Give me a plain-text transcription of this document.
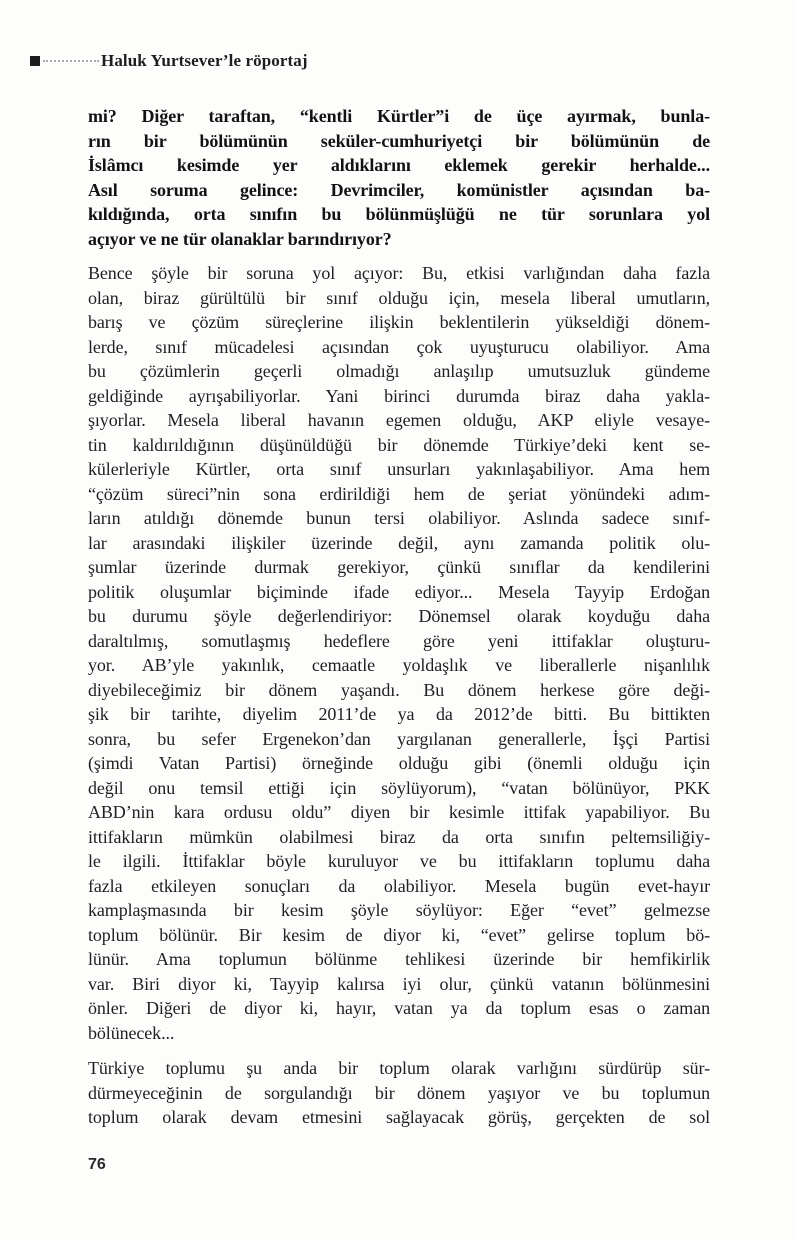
Haluk Yurtsever’le röportaj
mi? Diğer taraftan, “kentli Kürtler”i de üçe ayırmak, bunla-
rın bir bölümünün seküler-cumhuriyetçi bir bölümünün de
İslâmcı kesimde yer aldıklarını eklemek gerekir herhalde...
Asıl soruma gelince: Devrimciler, komünistler açısından ba-
kıldığında, orta sınıfın bu bölünmüşlüğü ne tür sorunlara yol
açıyor ve ne tür olanaklar barındırıyor?
Bence şöyle bir soruna yol açıyor: Bu, etkisi varlığından daha fazla
olan, biraz gürültülü bir sınıf olduğu için, mesela liberal umutların,
barış ve çözüm süreçlerine ilişkin beklentilerin yükseldiği dönem-
lerde, sınıf mücadelesi açısından çok uyuşturucu olabiliyor. Ama
bu çözümlerin geçerli olmadığı anlaşılıp umutsuzluk gündeme
geldiğinde ayrışabiliyorlar. Yani birinci durumda biraz daha yakla-
şıyorlar. Mesela liberal havanın egemen olduğu, AKP eliyle vesaye-
tin kaldırıldığının düşünüldüğü bir dönemde Türkiye’deki kent se-
külerleriyle Kürtler, orta sınıf unsurları yakınlaşabiliyor. Ama hem
“çözüm süreci”nin sona erdirildiği hem de şeriat yönündeki adım-
ların atıldığı dönemde bunun tersi olabiliyor. Aslında sadece sınıf-
lar arasındaki ilişkiler üzerinde değil, aynı zamanda politik olu-
şumlar üzerinde durmak gerekiyor, çünkü sınıflar da kendilerini
politik oluşumlar biçiminde ifade ediyor... Mesela Tayyip Erdoğan
bu durumu şöyle değerlendiriyor: Dönemsel olarak koyduğu daha
daraltılmış, somutlaşmış hedeflere göre yeni ittifaklar oluşturu-
yor. AB’yle yakınlık, cemaatle yoldaşlık ve liberallerle nişanlılık
diyebileceğimiz bir dönem yaşandı. Bu dönem herkese göre deği-
şik bir tarihte, diyelim 2011’de ya da 2012’de bitti. Bu bittikten
sonra, bu sefer Ergenekon’dan yargılanan generallerle, İşçi Partisi
(şimdi Vatan Partisi) örneğinde olduğu gibi (önemli olduğu için
değil onu temsil ettiği için söylüyorum), “vatan bölünüyor, PKK
ABD’nin kara ordusu oldu” diyen bir kesimle ittifak yapabiliyor. Bu
ittifakların mümkün olabilmesi biraz da orta sınıfın peltemsiliğiy-
le ilgili. İttifaklar böyle kuruluyor ve bu ittifakların toplumu daha
fazla etkileyen sonuçları da olabiliyor. Mesela bugün evet-hayır
kamplaşmasında bir kesim şöyle söylüyor: Eğer “evet” gelmezse
toplum bölünür. Bir kesim de diyor ki, “evet” gelirse toplum bö-
lünür. Ama toplumun bölünme tehlikesi üzerinde bir hemfikirlik
var. Biri diyor ki, Tayyip kalırsa iyi olur, çünkü vatanın bölünmesini
önler. Diğeri de diyor ki, hayır, vatan ya da toplum esas o zaman
bölünecek...
Türkiye toplumu şu anda bir toplum olarak varlığını sürdürüp sür-
dürmeyeceğinin de sorgulandığı bir dönem yaşıyor ve bu toplumun
toplum olarak devam etmesini sağlayacak görüş, gerçekten de sol
76
